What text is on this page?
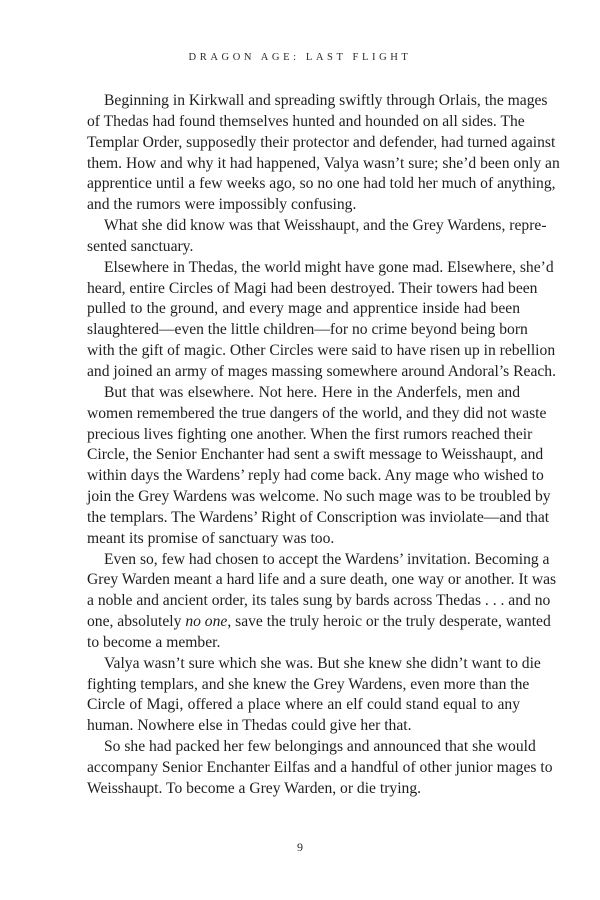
DRAGON AGE: LAST FLIGHT
Beginning in Kirkwall and spreading swiftly through Orlais, the mages
of Thedas had found themselves hunted and hounded on all sides. The
Templar Order, supposedly their protector and defender, had turned against
them. How and why it had happened, Valya wasn’t sure; she’d been only an
apprentice until a few weeks ago, so no one had told her much of anything,
and the rumors were impossibly confusing.
What she did know was that Weisshaupt, and the Grey Wardens, repre-
sented sanctuary.
Elsewhere in Thedas, the world might have gone mad. Elsewhere, she’d
heard, entire Circles of Magi had been destroyed. Their towers had been
pulled to the ground, and every mage and apprentice inside had been
slaughtered—even the little children—for no crime beyond being born
with the gift of magic. Other Circles were said to have risen up in rebellion
and joined an army of mages massing somewhere around Andoral’s Reach.
But that was elsewhere. Not here. Here in the Anderfels, men and
women remembered the true dangers of the world, and they did not waste
precious lives fighting one another. When the first rumors reached their
Circle, the Senior Enchanter had sent a swift message to Weisshaupt, and
within days the Wardens’ reply had come back. Any mage who wished to
join the Grey Wardens was welcome. No such mage was to be troubled by
the templars. The Wardens’ Right of Conscription was inviolate—and that
meant its promise of sanctuary was too.
Even so, few had chosen to accept the Wardens’ invitation. Becoming a
Grey Warden meant a hard life and a sure death, one way or another. It was
a noble and ancient order, its tales sung by bards across Thedas . . . and no
one, absolutely no one, save the truly heroic or the truly desperate, wanted
to become a member.
Valya wasn’t sure which she was. But she knew she didn’t want to die
fighting templars, and she knew the Grey Wardens, even more than the
Circle of Magi, offered a place where an elf could stand equal to any
human. Nowhere else in Thedas could give her that.
So she had packed her few belongings and announced that she would
accompany Senior Enchanter Eilfas and a handful of other junior mages to
Weisshaupt. To become a Grey Warden, or die trying.
9
